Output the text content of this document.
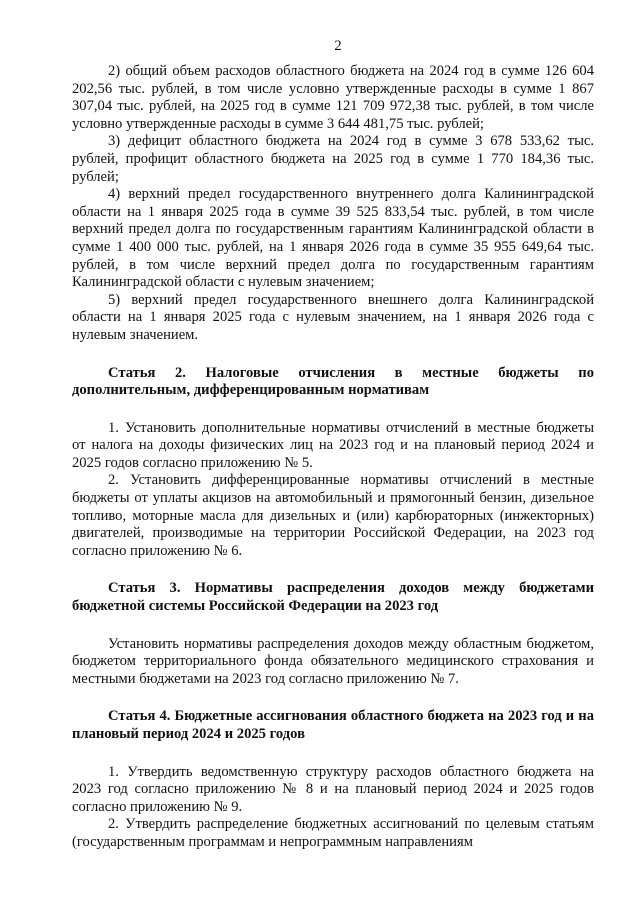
2

2) общий объем расходов областного бюджета на 2024 год в сумме 126 604 202,56 тыс. рублей, в том числе условно утвержденные расходы в сумме 1 867 307,04 тыс. рублей, на 2025 год в сумме 121 709 972,38 тыс. рублей, в том числе условно утвержденные расходы в сумме 3 644 481,75 тыс. рублей;

3) дефицит областного бюджета на 2024 год в сумме 3 678 533,62 тыс. рублей, профицит областного бюджета на 2025 год в сумме 1 770 184,36 тыс. рублей;

4) верхний предел государственного внутреннего долга Калининградской области на 1 января 2025 года в сумме 39 525 833,54 тыс. рублей, в том числе верхний предел долга по государственным гарантиям Калининградской области в сумме 1 400 000 тыс. рублей, на 1 января 2026 года в сумме 35 955 649,64 тыс. рублей, в том числе верхний предел долга по государственным гарантиям Калининградской области с нулевым значением;

5) верхний предел государственного внешнего долга Калининградской области на 1 января 2025 года с нулевым значением, на 1 января 2026 года с нулевым значением.

Статья 2. Налоговые отчисления в местные бюджеты по дополнительным, дифференцированным нормативам

1. Установить дополнительные нормативы отчислений в местные бюджеты от налога на доходы физических лиц на 2023 год и на плановый период 2024 и 2025 годов согласно приложению № 5.

2. Установить дифференцированные нормативы отчислений в местные бюджеты от уплаты акцизов на автомобильный и прямогонный бензин, дизельное топливо, моторные масла для дизельных и (или) карбюраторных (инжекторных) двигателей, производимые на территории Российской Федерации, на 2023 год согласно приложению № 6.

Статья 3. Нормативы распределения доходов между бюджетами бюджетной системы Российской Федерации на 2023 год

Установить нормативы распределения доходов между областным бюджетом, бюджетом территориального фонда обязательного медицинского страхования и местными бюджетами на 2023 год согласно приложению № 7.

Статья 4. Бюджетные ассигнования областного бюджета на 2023 год и на плановый период 2024 и 2025 годов

1. Утвердить ведомственную структуру расходов областного бюджета на 2023 год согласно приложению № 8 и на плановый период 2024 и 2025 годов согласно приложению № 9.

2. Утвердить распределение бюджетных ассигнований по целевым статьям (государственным программам и непрограммным направлениям
